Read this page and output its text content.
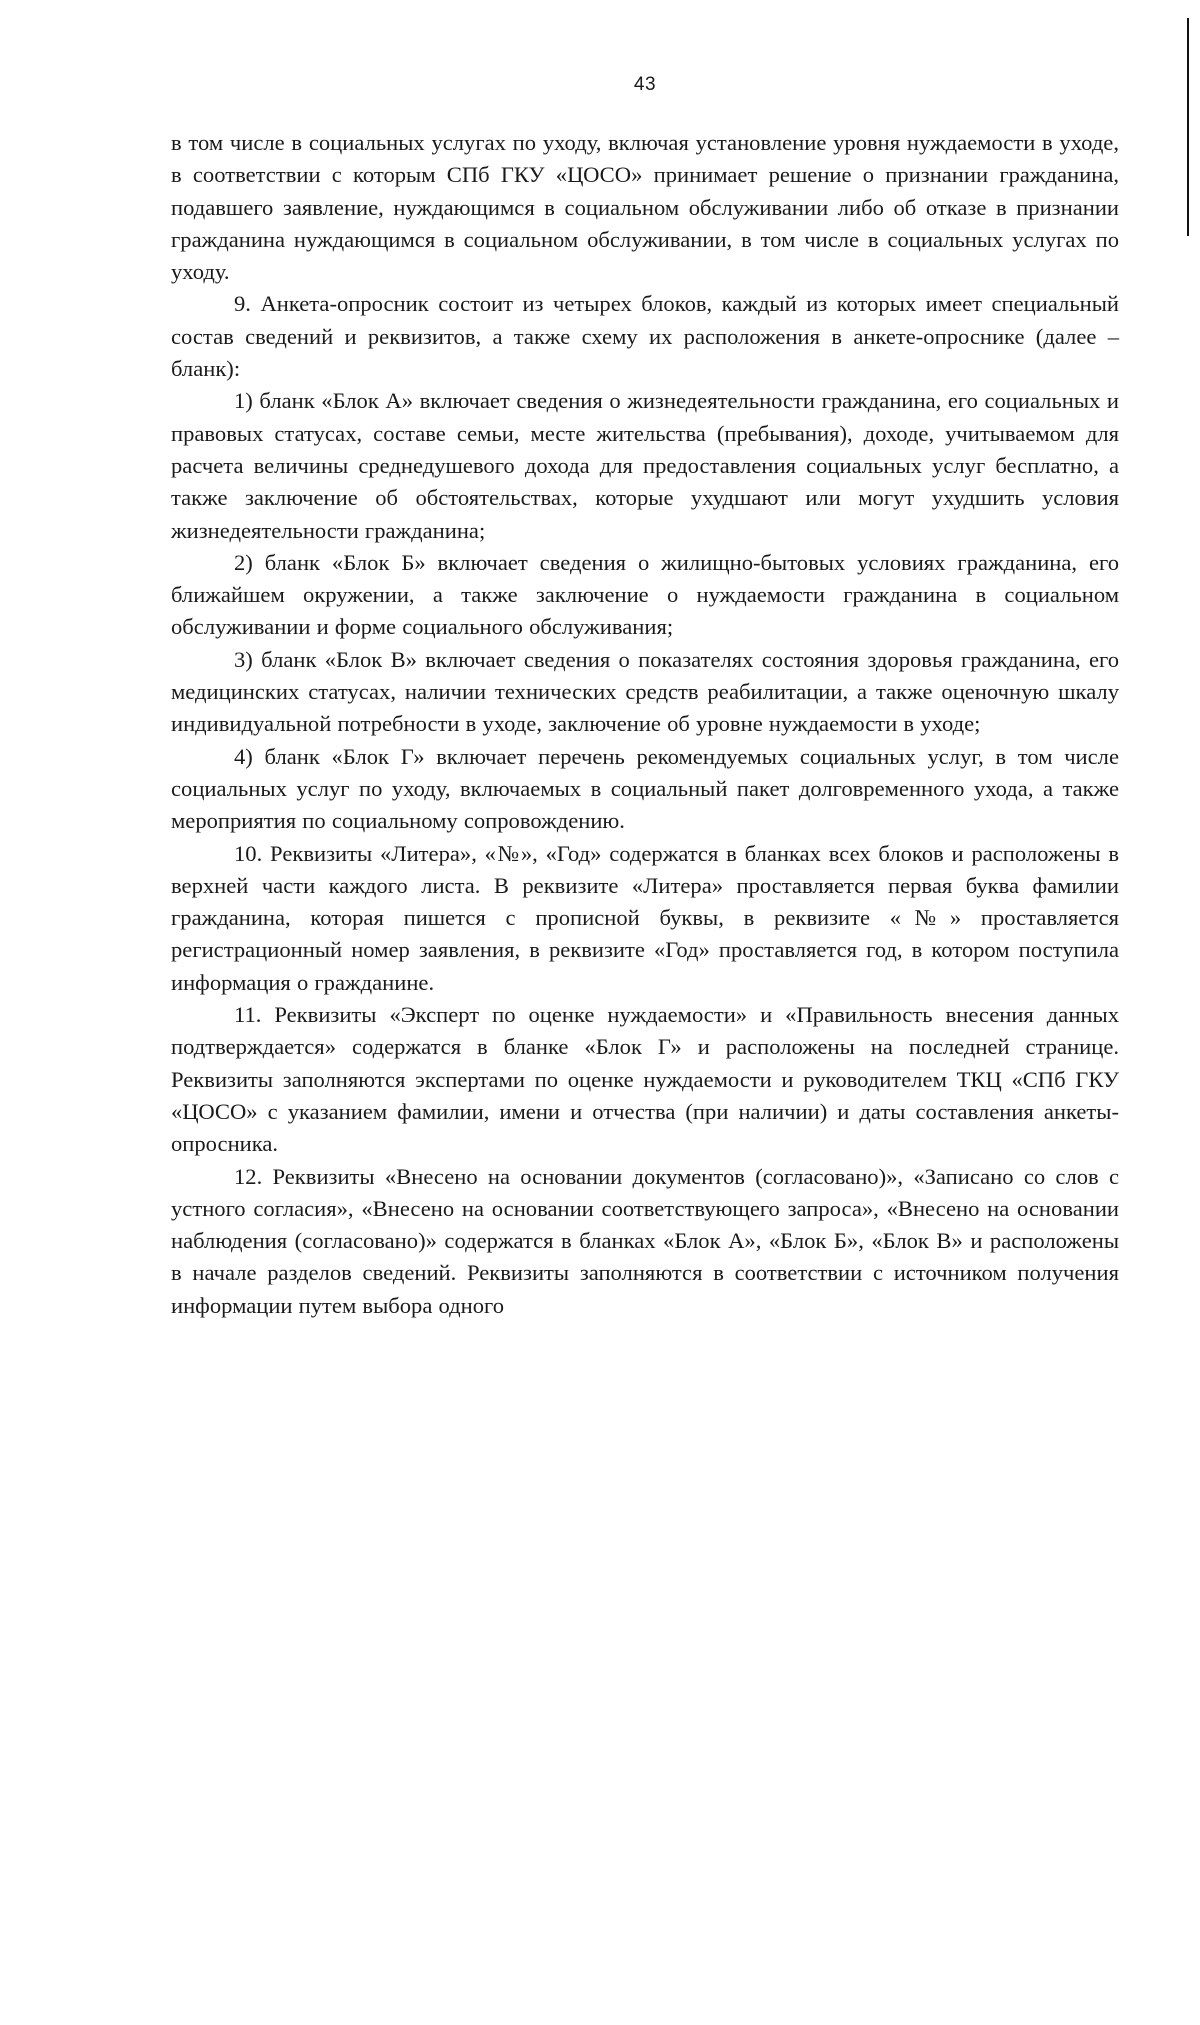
43

в том числе в социальных услугах по уходу, включая установление уровня нуждаемости в уходе, в соответствии с которым СПб ГКУ «ЦОСО» принимает решение о признании гражданина, подавшего заявление, нуждающимся в социальном обслуживании либо об отказе в признании гражданина нуждающимся в социальном обслуживании, в том числе в социальных услугах по уходу.

9. Анкета-опросник состоит из четырех блоков, каждый из которых имеет специальный состав сведений и реквизитов, а также схему их расположения в анкете-опроснике (далее – бланк):

1) бланк «Блок А» включает сведения о жизнедеятельности гражданина, его социальных и правовых статусах, составе семьи, месте жительства (пребывания), доходе, учитываемом для расчета величины среднедушевого дохода для предоставления социальных услуг бесплатно, а также заключение об обстоятельствах, которые ухудшают или могут ухудшить условия жизнедеятельности гражданина;

2) бланк «Блок Б» включает сведения о жилищно-бытовых условиях гражданина, его ближайшем окружении, а также заключение о нуждаемости гражданина в социальном обслуживании и форме социального обслуживания;

3) бланк «Блок В» включает сведения о показателях состояния здоровья гражданина, его медицинских статусах, наличии технических средств реабилитации, а также оценочную шкалу индивидуальной потребности в уходе, заключение об уровне нуждаемости в уходе;

4) бланк «Блок Г» включает перечень рекомендуемых социальных услуг, в том числе социальных услуг по уходу, включаемых в социальный пакет долговременного ухода, а также мероприятия по социальному сопровождению.

10. Реквизиты «Литера», «№», «Год» содержатся в бланках всех блоков и расположены в верхней части каждого листа. В реквизите «Литера» проставляется первая буква фамилии гражданина, которая пишется с прописной буквы, в реквизите «№» проставляется регистрационный номер заявления, в реквизите «Год» проставляется год, в котором поступила информация о гражданине.

11. Реквизиты «Эксперт по оценке нуждаемости» и «Правильность внесения данных подтверждается» содержатся в бланке «Блок Г» и расположены на последней странице. Реквизиты заполняются экспертами по оценке нуждаемости и руководителем ТКЦ «СПб ГКУ «ЦОСО» с указанием фамилии, имени и отчества (при наличии) и даты составления анкеты-опросника.

12. Реквизиты «Внесено на основании документов (согласовано)», «Записано со слов с устного согласия», «Внесено на основании соответствующего запроса», «Внесено на основании наблюдения (согласовано)» содержатся в бланках «Блок А», «Блок Б», «Блок В» и расположены в начале разделов сведений. Реквизиты заполняются в соответствии с источником получения информации путем выбора одного
